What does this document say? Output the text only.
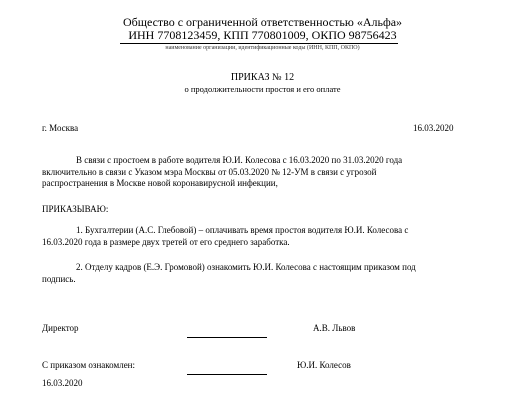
Общество с ограниченной ответственностью «Альфа»
ИНН 7708123459, КПП 770801009, ОКПО 98756423
наименование организации, идентификационные коды (ИНН, КПП, ОКПО)
ПРИКАЗ № 12
о продолжительности простоя и его оплате
г. Москва	16.03.2020
В связи с простоем в работе водителя Ю.И. Колесова с 16.03.2020 по 31.03.2020 года
включительно в связи с Указом мэра Москвы от 05.03.2020 № 12-УМ в связи с угрозой
распространения в Москве новой коронавирусной инфекции,
ПРИКАЗЫВАЮ:
1. Бухгалтерии (А.С. Глебовой) – оплачивать время простоя водителя Ю.И. Колесова с
16.03.2020 года в размере двух третей от его среднего заработка.
2. Отделу кадров (Е.Э. Громовой) ознакомить Ю.И. Колесова с настоящим приказом под
подпись.
Директор	А.В. Львов
С приказом ознакомлен:	Ю.И. Колесов
16.03.2020
